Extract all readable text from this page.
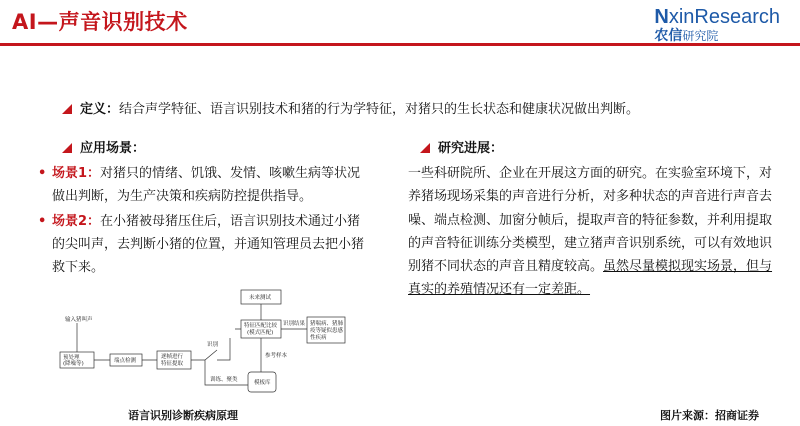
AI—声音识别技术	NxinResearch
农信研究院
定义：结合声学特征、语言识别技术和猪的行为学特征，对猪只的生长状态和健康状况做出判断。
应用场景：	研究进展：
• 场景1：对猪只的情绪、饥饿、发情、咳嗽生病等状况做出判断，为生产决策和疾病防控提供指导。
• 场景2：在小猪被母猪压住后，语言识别技术通过小猪的尖叫声，去判断小猪的位置，并通知管理员去把小猪救下来。
一些科研院所、企业在开展这方面的研究。在实验室环境下，对养猪场现场采集的声音进行分析，对多种状态的声音进行声音去噪、端点检测、加窗分帧后，提取声音的特征参数，并利用提取的声音特征训练分类模型，建立猪声音识别系统，可以有效地识别猪不同状态的声音且精度较高。虽然尽量模拟现实场景，但与真实的养殖情况还有一定差距。
输入猪叫声
预处理
(降噪等)	端点检测
逐帧进行
特征提取
识别
特征匹配比较
(模式匹配)
未来测试
识别结果 猪喘病、猪肺
疫等疑似患感
性疾病
参考样本
训练、聚类	模板库
语言识别诊断疾病原理	图片来源：招商证券
